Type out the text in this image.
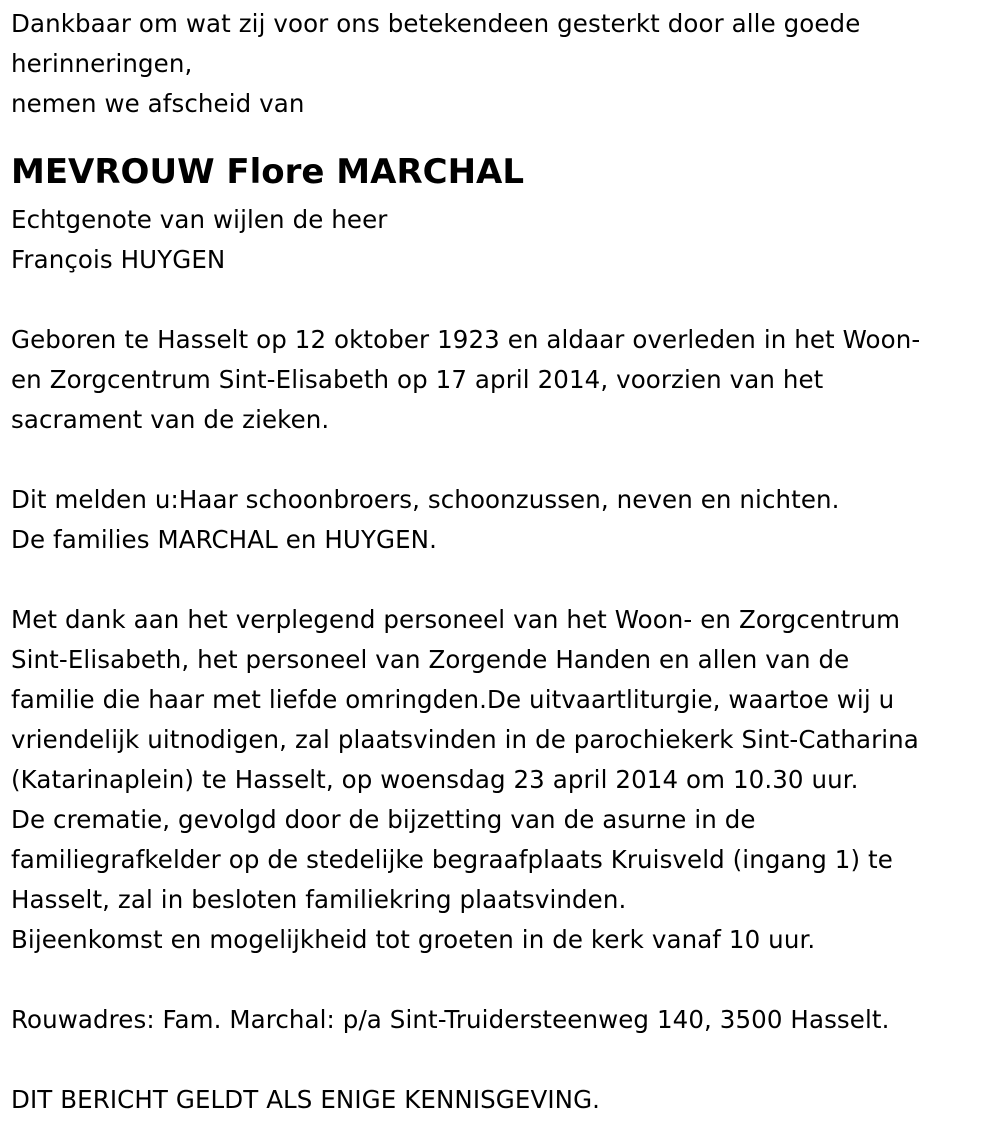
Dankbaar om wat zij voor ons betekendeen gesterkt door alle goede
herinneringen,
nemen we afscheid van
MEVROUW Flore MARCHAL
Echtgenote van wijlen de heer
François HUYGEN
Geboren te Hasselt op 12 oktober 1923 en aldaar overleden in het Woon-
en Zorgcentrum Sint-Elisabeth op 17 april 2014, voorzien van het
sacrament van de zieken.
Dit melden u:Haar schoonbroers, schoonzussen, neven en nichten.
De families MARCHAL en HUYGEN.
Met dank aan het verplegend personeel van het Woon- en Zorgcentrum
Sint-Elisabeth, het personeel van Zorgende Handen en allen van de
familie die haar met liefde omringden.De uitvaartliturgie, waartoe wij u
vriendelijk uitnodigen, zal plaatsvinden in de parochiekerk Sint-Catharina
(Katarinaplein) te Hasselt, op woensdag 23 april 2014 om 10.30 uur.
De crematie, gevolgd door de bijzetting van de asurne in de
familiegrafkelder op de stedelijke begraafplaats Kruisveld (ingang 1) te
Hasselt, zal in besloten familiekring plaatsvinden.
Bijeenkomst en mogelijkheid tot groeten in de kerk vanaf 10 uur.
Rouwadres: Fam. Marchal: p/a Sint-Truidersteenweg 140, 3500 Hasselt.
DIT BERICHT GELDT ALS ENIGE KENNISGEVING.
